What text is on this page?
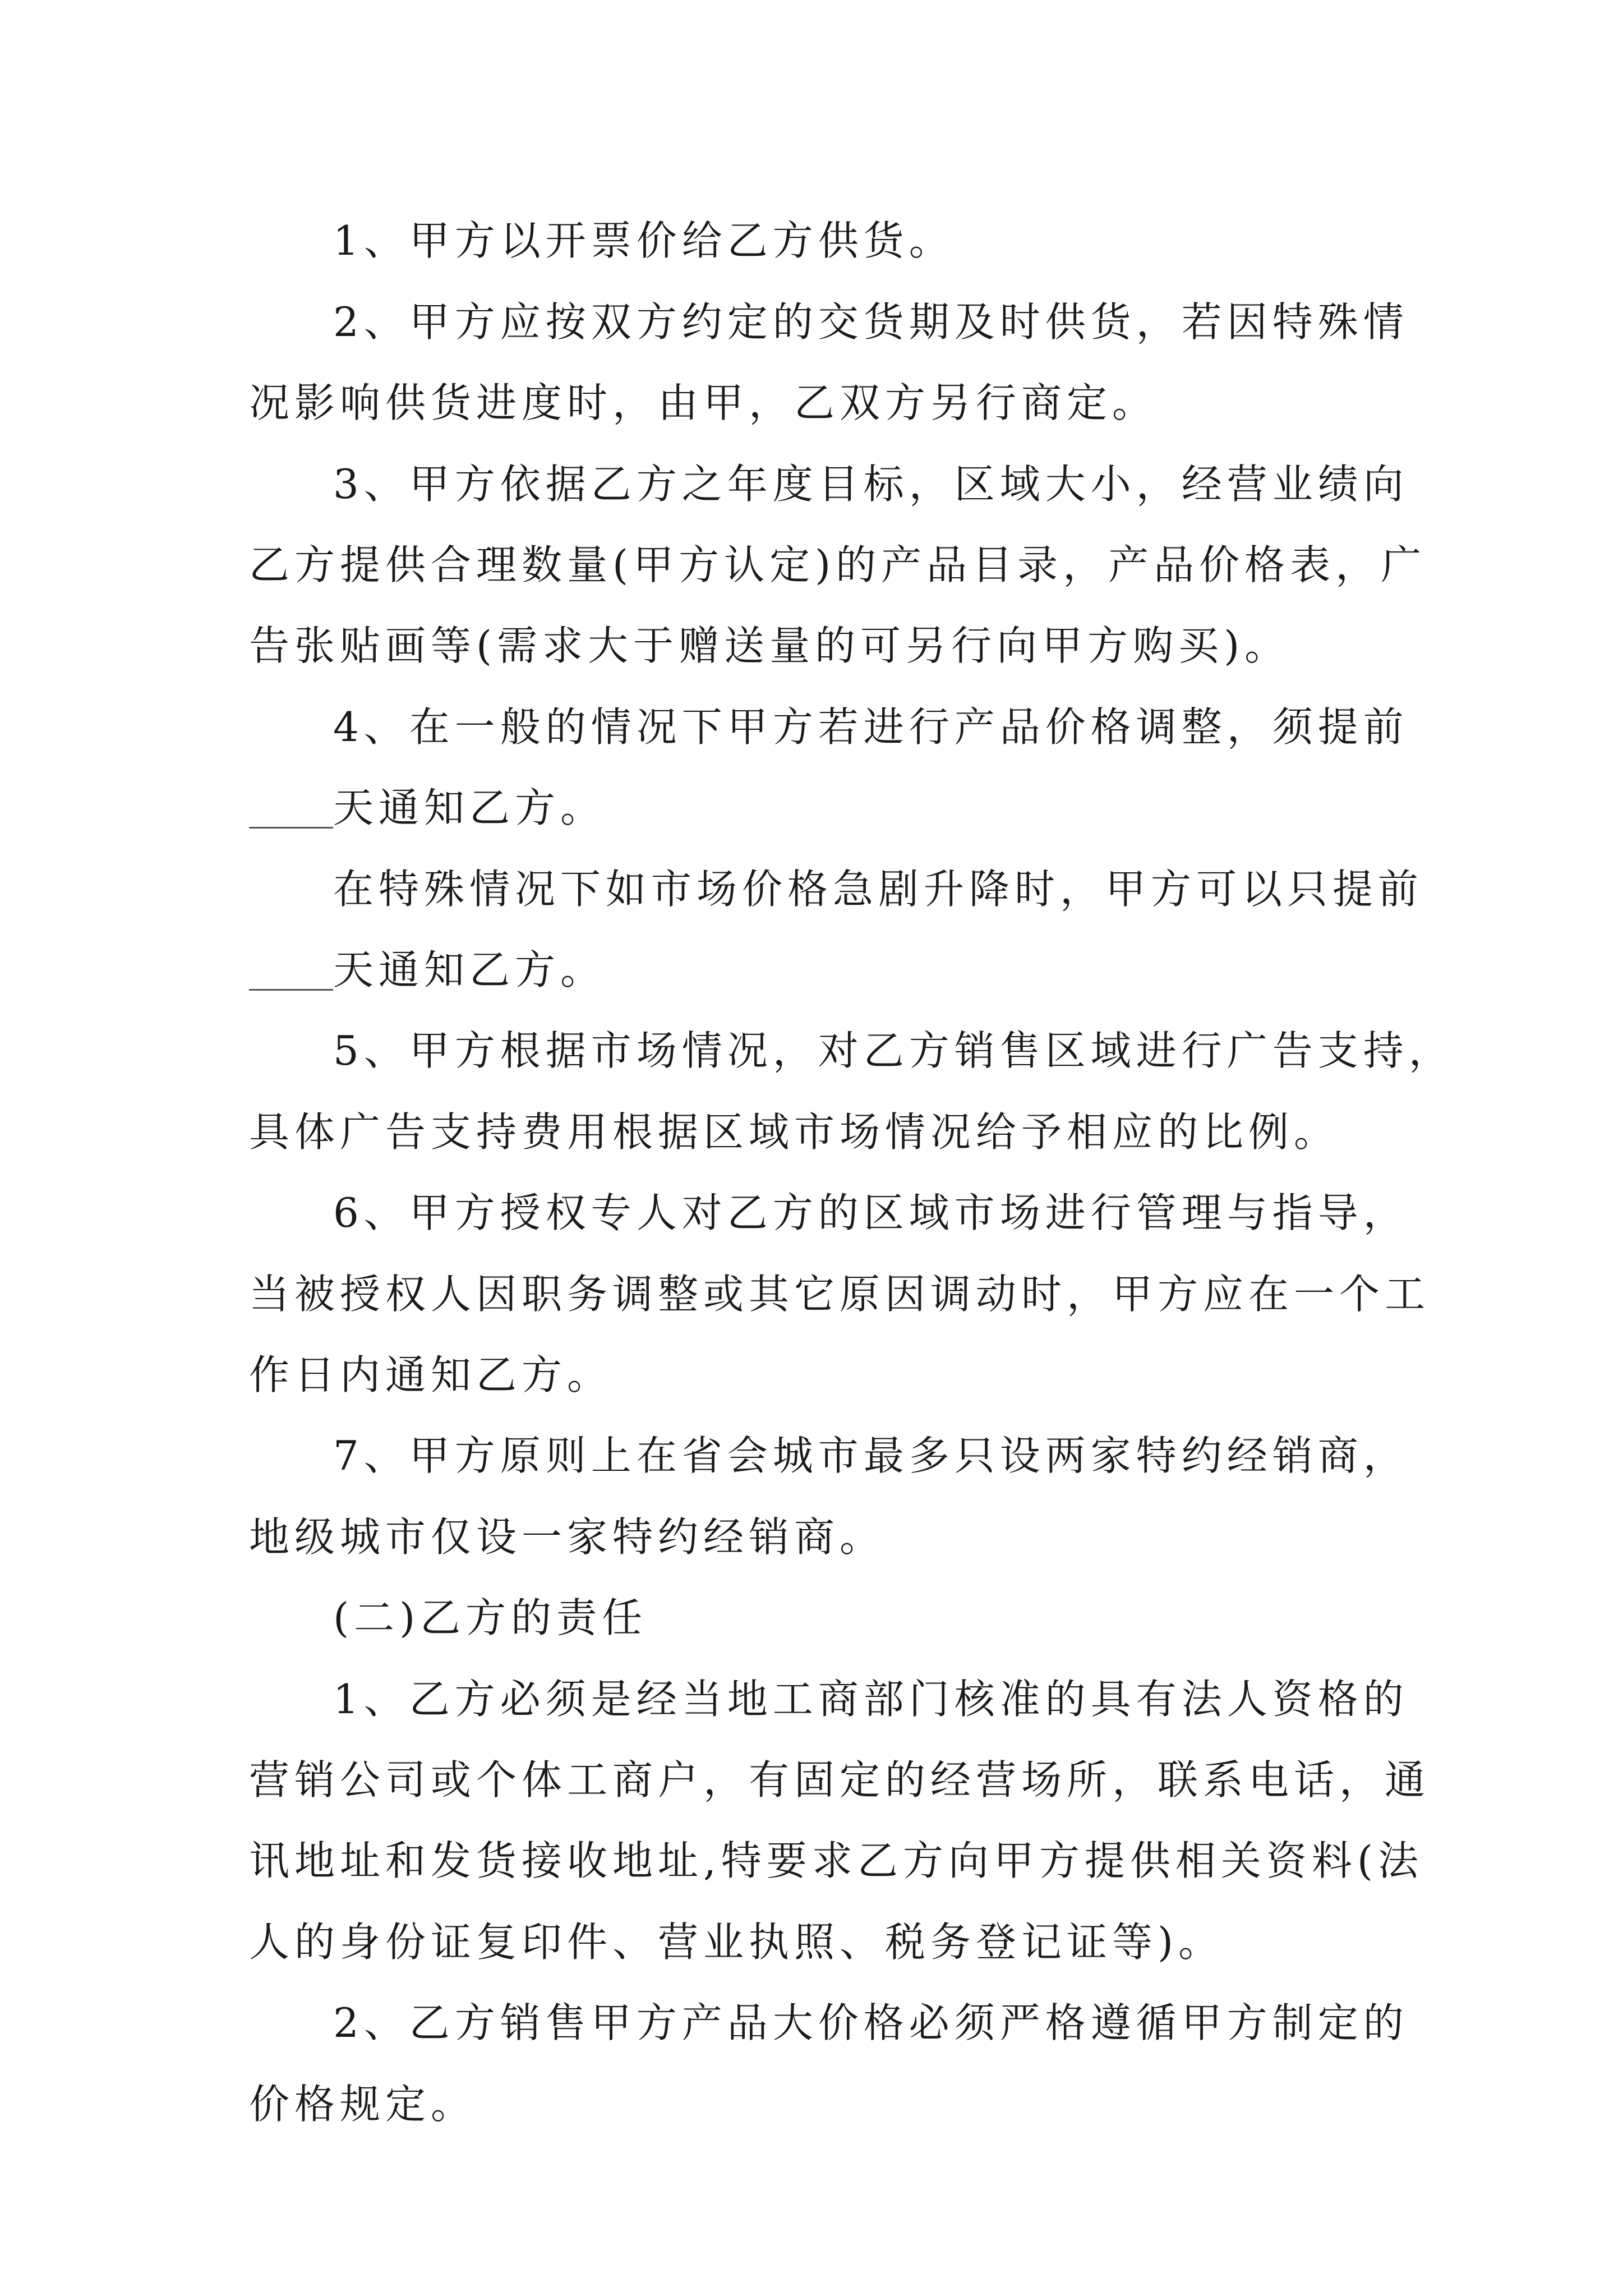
1、甲方以开票价给乙方供货。
2、甲方应按双方约定的交货期及时供货，若因特殊情
况影响供货进度时，由甲，乙双方另行商定。
3、甲方依据乙方之年度目标，区域大小，经营业绩向
乙方提供合理数量(甲方认定)的产品目录，产品价格表，广
告张贴画等(需求大于赠送量的可另行向甲方购买)。
4、在一般的情况下甲方若进行产品价格调整，须提前
天通知乙方。
在特殊情况下如市场价格急剧升降时，甲方可以只提前
天通知乙方。
5、甲方根据市场情况，对乙方销售区域进行广告支持，
具体广告支持费用根据区域市场情况给予相应的比例。
6、甲方授权专人对乙方的区域市场进行管理与指导，
当被授权人因职务调整或其它原因调动时，甲方应在一个工
作日内通知乙方。
7、甲方原则上在省会城市最多只设两家特约经销商，
地级城市仅设一家特约经销商。
(二)乙方的责任
1、乙方必须是经当地工商部门核准的具有法人资格的
营销公司或个体工商户，有固定的经营场所，联系电话，通
讯地址和发货接收地址,特要求乙方向甲方提供相关资料(法
人的身份证复印件、营业执照、税务登记证等)。
2、乙方销售甲方产品大价格必须严格遵循甲方制定的
价格规定。
